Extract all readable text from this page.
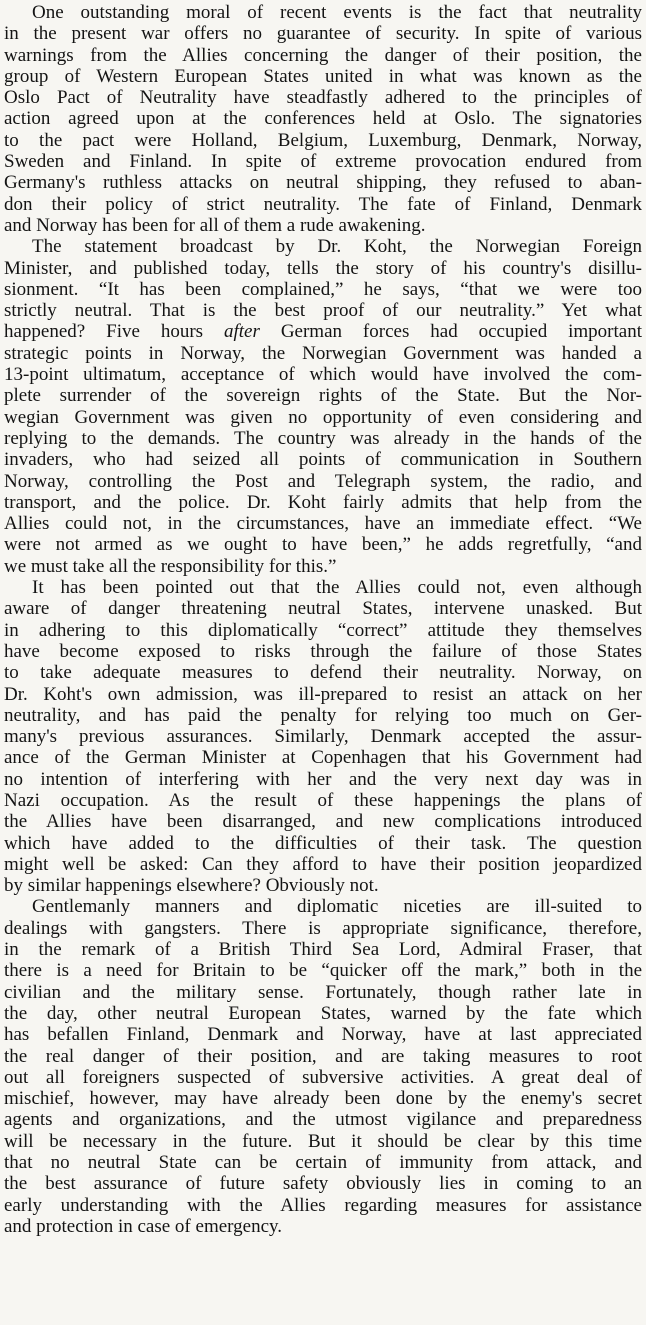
One outstanding moral of recent events is the fact that neutrality
in the present war offers no guarantee of security. In spite of various
warnings from the Allies concerning the danger of their position, the
group of Western European States united in what was known as the
Oslo Pact of Neutrality have steadfastly adhered to the principles of
action agreed upon at the conferences held at Oslo. The signatories
to the pact were Holland, Belgium, Luxemburg, Denmark, Norway,
Sweden and Finland. In spite of extreme provocation endured from
Germany's ruthless attacks on neutral shipping, they refused to aban-
don their policy of strict neutrality. The fate of Finland, Denmark
and Norway has been for all of them a rude awakening.
The statement broadcast by Dr. Koht, the Norwegian Foreign
Minister, and published today, tells the story of his country's disillu-
sionment. “It has been complained,” he says, “that we were too
strictly neutral. That is the best proof of our neutrality.” Yet what
happened? Five hours after German forces had occupied important
strategic points in Norway, the Norwegian Government was handed a
13-point ultimatum, acceptance of which would have involved the com-
plete surrender of the sovereign rights of the State. But the Nor-
wegian Government was given no opportunity of even considering and
replying to the demands. The country was already in the hands of the
invaders, who had seized all points of communication in Southern
Norway, controlling the Post and Telegraph system, the radio, and
transport, and the police. Dr. Koht fairly admits that help from the
Allies could not, in the circumstances, have an immediate effect. “We
were not armed as we ought to have been,” he adds regretfully, “and
we must take all the responsibility for this.”
It has been pointed out that the Allies could not, even although
aware of danger threatening neutral States, intervene unasked. But
in adhering to this diplomatically “correct” attitude they themselves
have become exposed to risks through the failure of those States
to take adequate measures to defend their neutrality. Norway, on
Dr. Koht's own admission, was ill-prepared to resist an attack on her
neutrality, and has paid the penalty for relying too much on Ger-
many's previous assurances. Similarly, Denmark accepted the assur-
ance of the German Minister at Copenhagen that his Government had
no intention of interfering with her and the very next day was in
Nazi occupation. As the result of these happenings the plans of
the Allies have been disarranged, and new complications introduced
which have added to the difficulties of their task. The question
might well be asked: Can they afford to have their position jeopardized
by similar happenings elsewhere? Obviously not.
Gentlemanly manners and diplomatic niceties are ill-suited to
dealings with gangsters. There is appropriate significance, therefore,
in the remark of a British Third Sea Lord, Admiral Fraser, that
there is a need for Britain to be “quicker off the mark,” both in the
civilian and the military sense. Fortunately, though rather late in
the day, other neutral European States, warned by the fate which
has befallen Finland, Denmark and Norway, have at last appreciated
the real danger of their position, and are taking measures to root
out all foreigners suspected of subversive activities. A great deal of
mischief, however, may have already been done by the enemy's secret
agents and organizations, and the utmost vigilance and preparedness
will be necessary in the future. But it should be clear by this time
that no neutral State can be certain of immunity from attack, and
the best assurance of future safety obviously lies in coming to an
early understanding with the Allies regarding measures for assistance
and protection in case of emergency.
